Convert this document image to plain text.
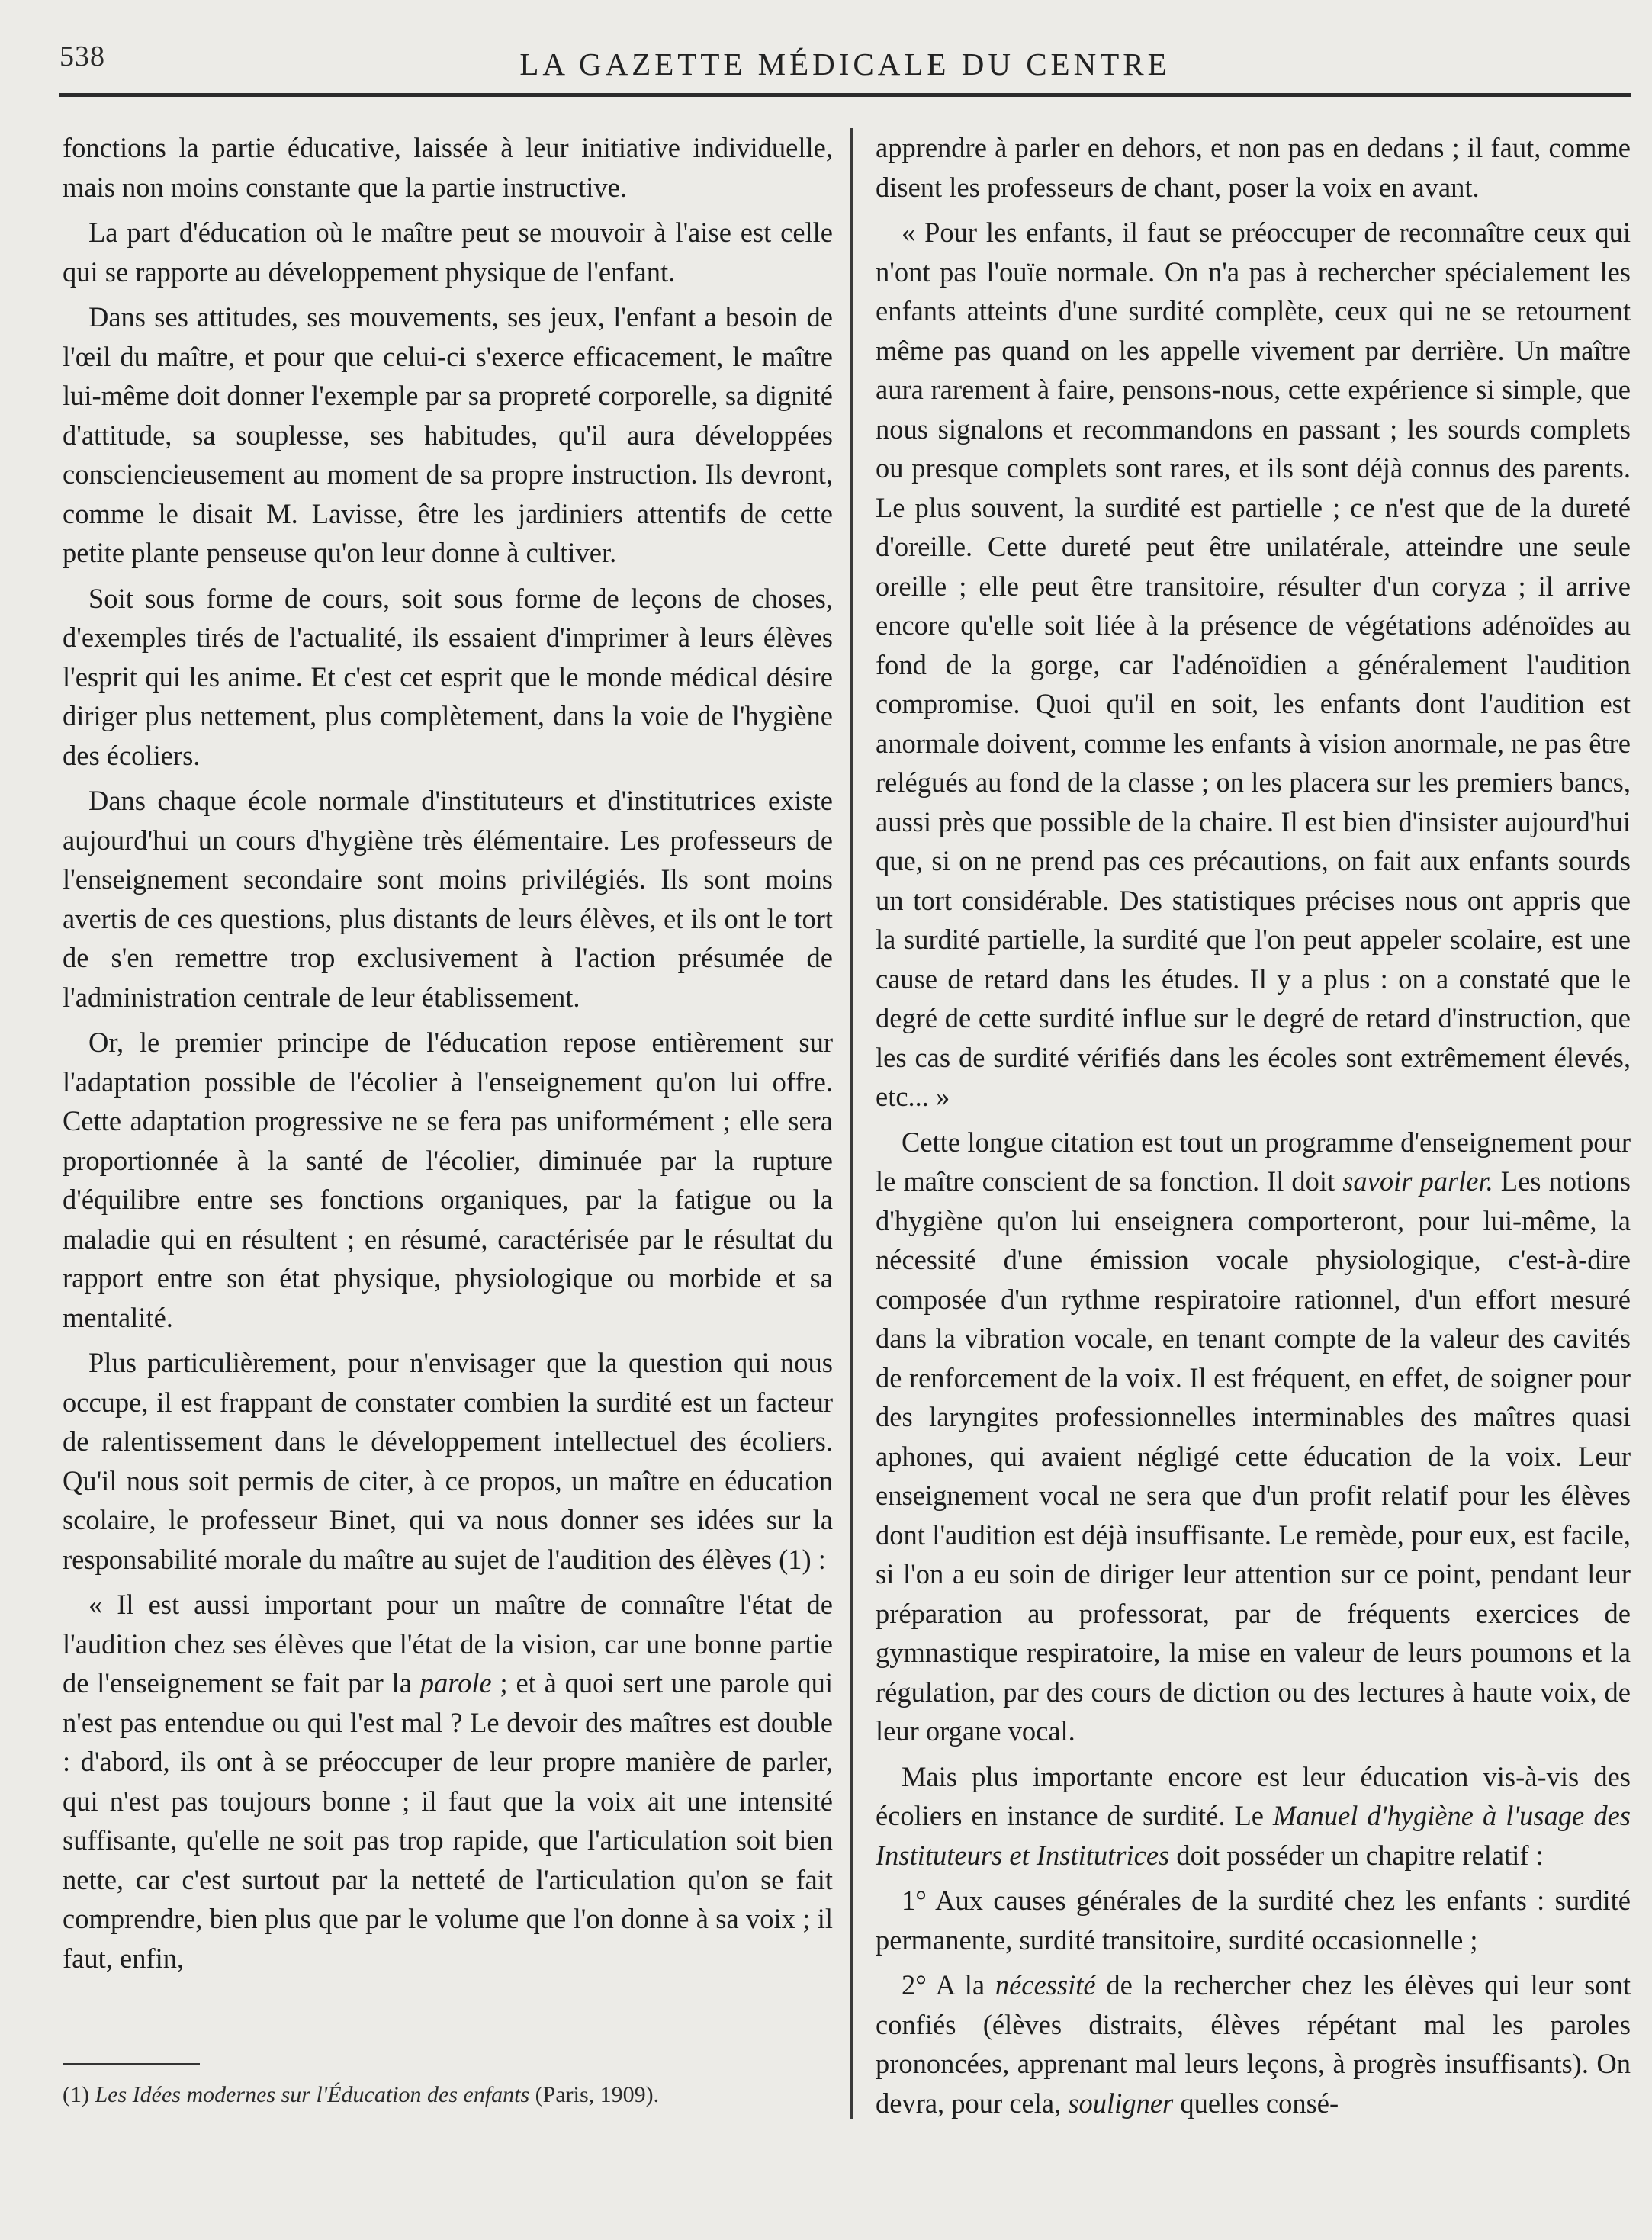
538	LA GAZETTE MÉDICALE DU CENTRE

fonctions la partie éducative, laissée à leur initiative individuelle, mais non moins constante que la partie instructive.

La part d'éducation où le maître peut se mouvoir à l'aise est celle qui se rapporte au développement physique de l'enfant.

Dans ses attitudes, ses mouvements, ses jeux, l'enfant a besoin de l'œil du maître, et pour que celui-ci s'exerce efficacement, le maître lui-même doit donner l'exemple par sa propreté corporelle, sa dignité d'attitude, sa souplesse, ses habitudes, qu'il aura développées consciencieusement au moment de sa propre instruction. Ils devront, comme le disait M. Lavisse, être les jardiniers attentifs de cette petite plante penseuse qu'on leur donne à cultiver.

Soit sous forme de cours, soit sous forme de leçons de choses, d'exemples tirés de l'actualité, ils essaient d'imprimer à leurs élèves l'esprit qui les anime. Et c'est cet esprit que le monde médical désire diriger plus nettement, plus complètement, dans la voie de l'hygiène des écoliers.

Dans chaque école normale d'instituteurs et d'institutrices existe aujourd'hui un cours d'hygiène très élémentaire. Les professeurs de l'enseignement secondaire sont moins privilégiés. Ils sont moins avertis de ces questions, plus distants de leurs élèves, et ils ont le tort de s'en remettre trop exclusivement à l'action présumée de l'administration centrale de leur établissement.

Or, le premier principe de l'éducation repose entièrement sur l'adaptation possible de l'écolier à l'enseignement qu'on lui offre. Cette adaptation progressive ne se fera pas uniformément ; elle sera proportionnée à la santé de l'écolier, diminuée par la rupture d'équilibre entre ses fonctions organiques, par la fatigue ou la maladie qui en résultent ; en résumé, caractérisée par le résultat du rapport entre son état physique, physiologique ou morbide et sa mentalité.

Plus particulièrement, pour n'envisager que la question qui nous occupe, il est frappant de constater combien la surdité est un facteur de ralentissement dans le développement intellectuel des écoliers. Qu'il nous soit permis de citer, à ce propos, un maître en éducation scolaire, le professeur Binet, qui va nous donner ses idées sur la responsabilité morale du maître au sujet de l'audition des élèves (1) :

« Il est aussi important pour un maître de connaître l'état de l'audition chez ses élèves que l'état de la vision, car une bonne partie de l'enseignement se fait par la parole ; et à quoi sert une parole qui n'est pas entendue ou qui l'est mal ? Le devoir des maîtres est double : d'abord, ils ont à se préoccuper de leur propre manière de parler, qui n'est pas toujours bonne ; il faut que la voix ait une intensité suffisante, qu'elle ne soit pas trop rapide, que l'articulation soit bien nette, car c'est surtout par la netteté de l'articulation qu'on se fait comprendre, bien plus que par le volume que l'on donne à sa voix ; il faut, enfin,

apprendre à parler en dehors, et non pas en dedans ; il faut, comme disent les professeurs de chant, poser la voix en avant.

« Pour les enfants, il faut se préoccuper de reconnaître ceux qui n'ont pas l'ouïe normale. On n'a pas à rechercher spécialement les enfants atteints d'une surdité complète, ceux qui ne se retournent même pas quand on les appelle vivement par derrière. Un maître aura rarement à faire, pensons-nous, cette expérience si simple, que nous signalons et recommandons en passant ; les sourds complets ou presque complets sont rares, et ils sont déjà connus des parents. Le plus souvent, la surdité est partielle ; ce n'est que de la dureté d'oreille. Cette dureté peut être unilatérale, atteindre une seule oreille ; elle peut être transitoire, résulter d'un coryza ; il arrive encore qu'elle soit liée à la présence de végétations adénoïdes au fond de la gorge, car l'adénoïdien a généralement l'audition compromise. Quoi qu'il en soit, les enfants dont l'audition est anormale doivent, comme les enfants à vision anormale, ne pas être relégués au fond de la classe ; on les placera sur les premiers bancs, aussi près que possible de la chaire. Il est bien d'insister aujourd'hui que, si on ne prend pas ces précautions, on fait aux enfants sourds un tort considérable. Des statistiques précises nous ont appris que la surdité partielle, la surdité que l'on peut appeler scolaire, est une cause de retard dans les études. Il y a plus : on a constaté que le degré de cette surdité influe sur le degré de retard d'instruction, que les cas de surdité vérifiés dans les écoles sont extrêmement élevés, etc... »

Cette longue citation est tout un programme d'enseignement pour le maître conscient de sa fonction. Il doit savoir parler. Les notions d'hygiène qu'on lui enseignera comporteront, pour lui-même, la nécessité d'une émission vocale physiologique, c'est-à-dire composée d'un rythme respiratoire rationnel, d'un effort mesuré dans la vibration vocale, en tenant compte de la valeur des cavités de renforcement de la voix. Il est fréquent, en effet, de soigner pour des laryngites professionnelles interminables des maîtres quasi aphones, qui avaient négligé cette éducation de la voix. Leur enseignement vocal ne sera que d'un profit relatif pour les élèves dont l'audition est déjà insuffisante. Le remède, pour eux, est facile, si l'on a eu soin de diriger leur attention sur ce point, pendant leur préparation au professorat, par de fréquents exercices de gymnastique respiratoire, la mise en valeur de leurs poumons et la régulation, par des cours de diction ou des lectures à haute voix, de leur organe vocal.

Mais plus importante encore est leur éducation vis-à-vis des écoliers en instance de surdité. Le Manuel d'hygiène à l'usage des Instituteurs et Institutrices doit posséder un chapitre relatif :

1° Aux causes générales de la surdité chez les enfants : surdité permanente, surdité transitoire, surdité occasionnelle ;

2° A la nécessité de la rechercher chez les élèves qui leur sont confiés (élèves distraits, élèves répétant mal les paroles prononcées, apprenant mal leurs leçons, à progrès insuffisants). On devra, pour cela, souligner quelles consé-

(1) Les Idées modernes sur l'Éducation des enfants (Paris, 1909).
